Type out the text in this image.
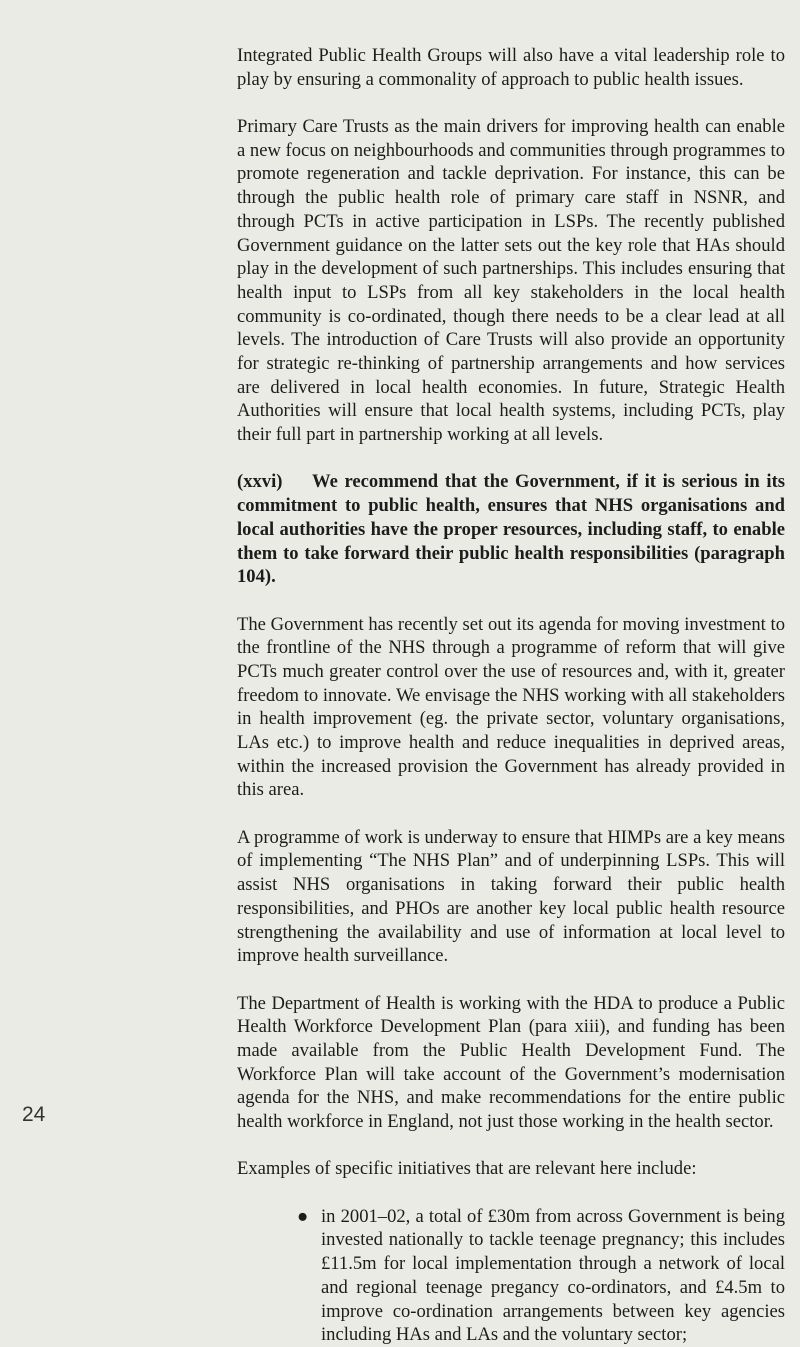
24

Integrated Public Health Groups will also have a vital leadership role to play by ensuring a commonality of approach to public health issues.

Primary Care Trusts as the main drivers for improving health can enable a new focus on neighbourhoods and communities through programmes to promote regeneration and tackle deprivation. For instance, this can be through the public health role of primary care staff in NSNR, and through PCTs in active participation in LSPs. The recently published Government guidance on the latter sets out the key role that HAs should play in the development of such partnerships. This includes ensuring that health input to LSPs from all key stakeholders in the local health community is co-ordinated, though there needs to be a clear lead at all levels. The introduction of Care Trusts will also provide an opportunity for strategic re-thinking of partnership arrangements and how services are delivered in local health economies. In future, Strategic Health Authorities will ensure that local health systems, including PCTs, play their full part in partnership working at all levels.

(xxvi) We recommend that the Government, if it is serious in its commitment to public health, ensures that NHS organisations and local authorities have the proper resources, including staff, to enable them to take forward their public health responsibilities (paragraph 104).

The Government has recently set out its agenda for moving investment to the frontline of the NHS through a programme of reform that will give PCTs much greater control over the use of resources and, with it, greater freedom to innovate. We envisage the NHS working with all stakeholders in health improvement (eg. the private sector, voluntary organisations, LAs etc.) to improve health and reduce inequalities in deprived areas, within the increased provision the Government has already provided in this area.

A programme of work is underway to ensure that HIMPs are a key means of implementing “The NHS Plan” and of underpinning LSPs. This will assist NHS organisations in taking forward their public health responsibilities, and PHOs are another key local public health resource strengthening the availability and use of information at local level to improve health surveillance.

The Department of Health is working with the HDA to produce a Public Health Workforce Development Plan (para xiii), and funding has been made available from the Public Health Development Fund. The Workforce Plan will take account of the Government’s modernisation agenda for the NHS, and make recommendations for the entire public health workforce in England, not just those working in the health sector.

Examples of specific initiatives that are relevant here include:

● in 2001–02, a total of £30m from across Government is being invested nationally to tackle teenage pregnancy; this includes £11.5m for local implementation through a network of local and regional teenage pregancy co-ordinators, and £4.5m to improve co-ordination arrangements between key agencies including HAs and LAs and the voluntary sector;
